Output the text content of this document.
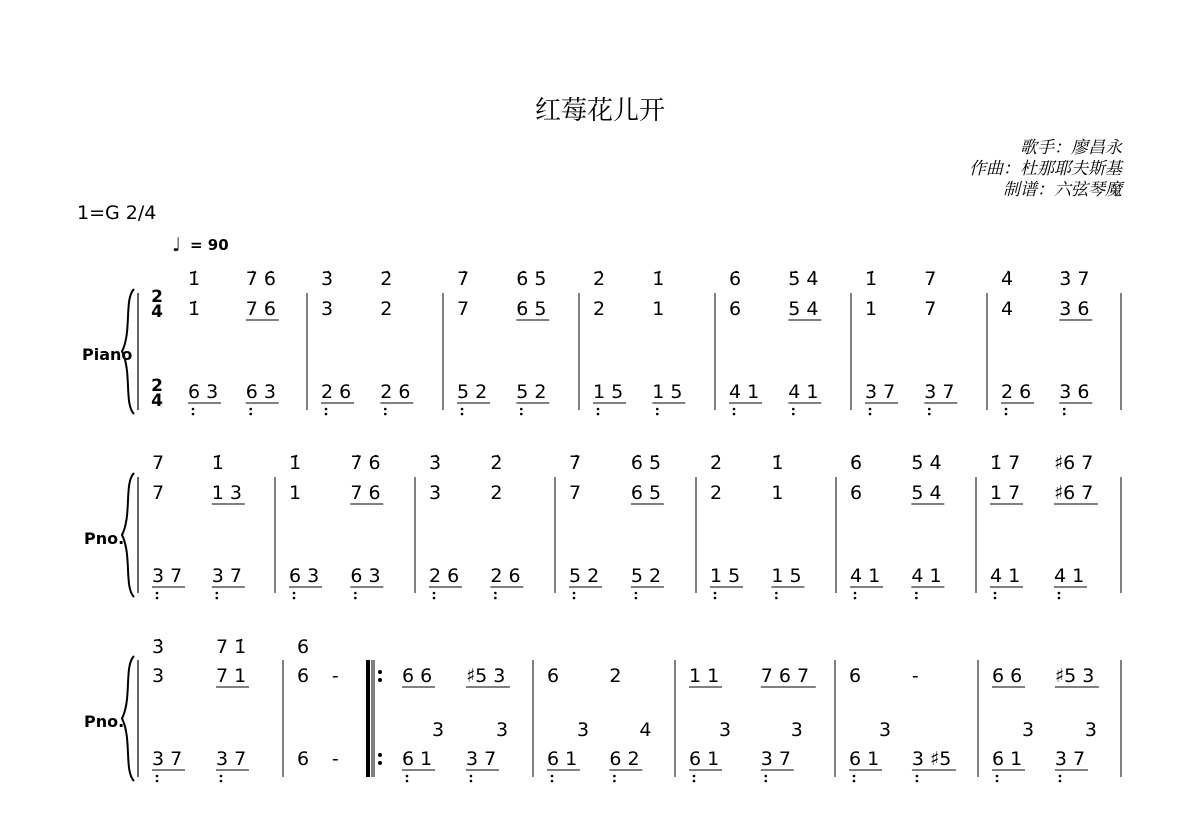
红莓花儿开
歌手：廖昌永
作曲：杜那耶夫斯基
制谱：六弦琴魔
1=G 2/4
♩ = 90
Piano
Pno.
Pno.
2
4
2
4
1̇
1̇
6 3
7̇ 6̇
7 6
6 3
3̇
3
2 6
2̇
2
2 6
7̇
7
5 2
6̇ 5̇
6 5
5 2
2̇
2
1 5
1̇
1
1 5
6̇
6
4 1
5̇ 4̇
5 4
4 1
1̇
1
3 7
7
7
3 7
4̇
4
2 6
3̇ 7
3 6
3 6
7
7
3 7
1̇
1 3
3 7
1̇
1
6 3
7̇ 6̇
7 6
6 3
3̇
3
2 6
2̇
2
2 6
7̇
7
5 2
6̇ 5̇
6 5
5 2
2̇
2
1 5
1̇
1
1 5
6̇
6
4 1
5̇ 4̇
5 4
4 1
1̇ 7
1 7
4 1
♯6 7
♯6 7
4 1
3̇
3
3 7
7 1̇
7 1
3 7
6
6
6
-
-
6 6
3
6 1
♯5 3
3
3 7
6
3
6 1
2
4
6 2
1 1
3
6 1
7 6 7
3
3 7
6
3
6 1
-
3 ♯5
6 6
3
6 1
♯5 3
3
3 7
